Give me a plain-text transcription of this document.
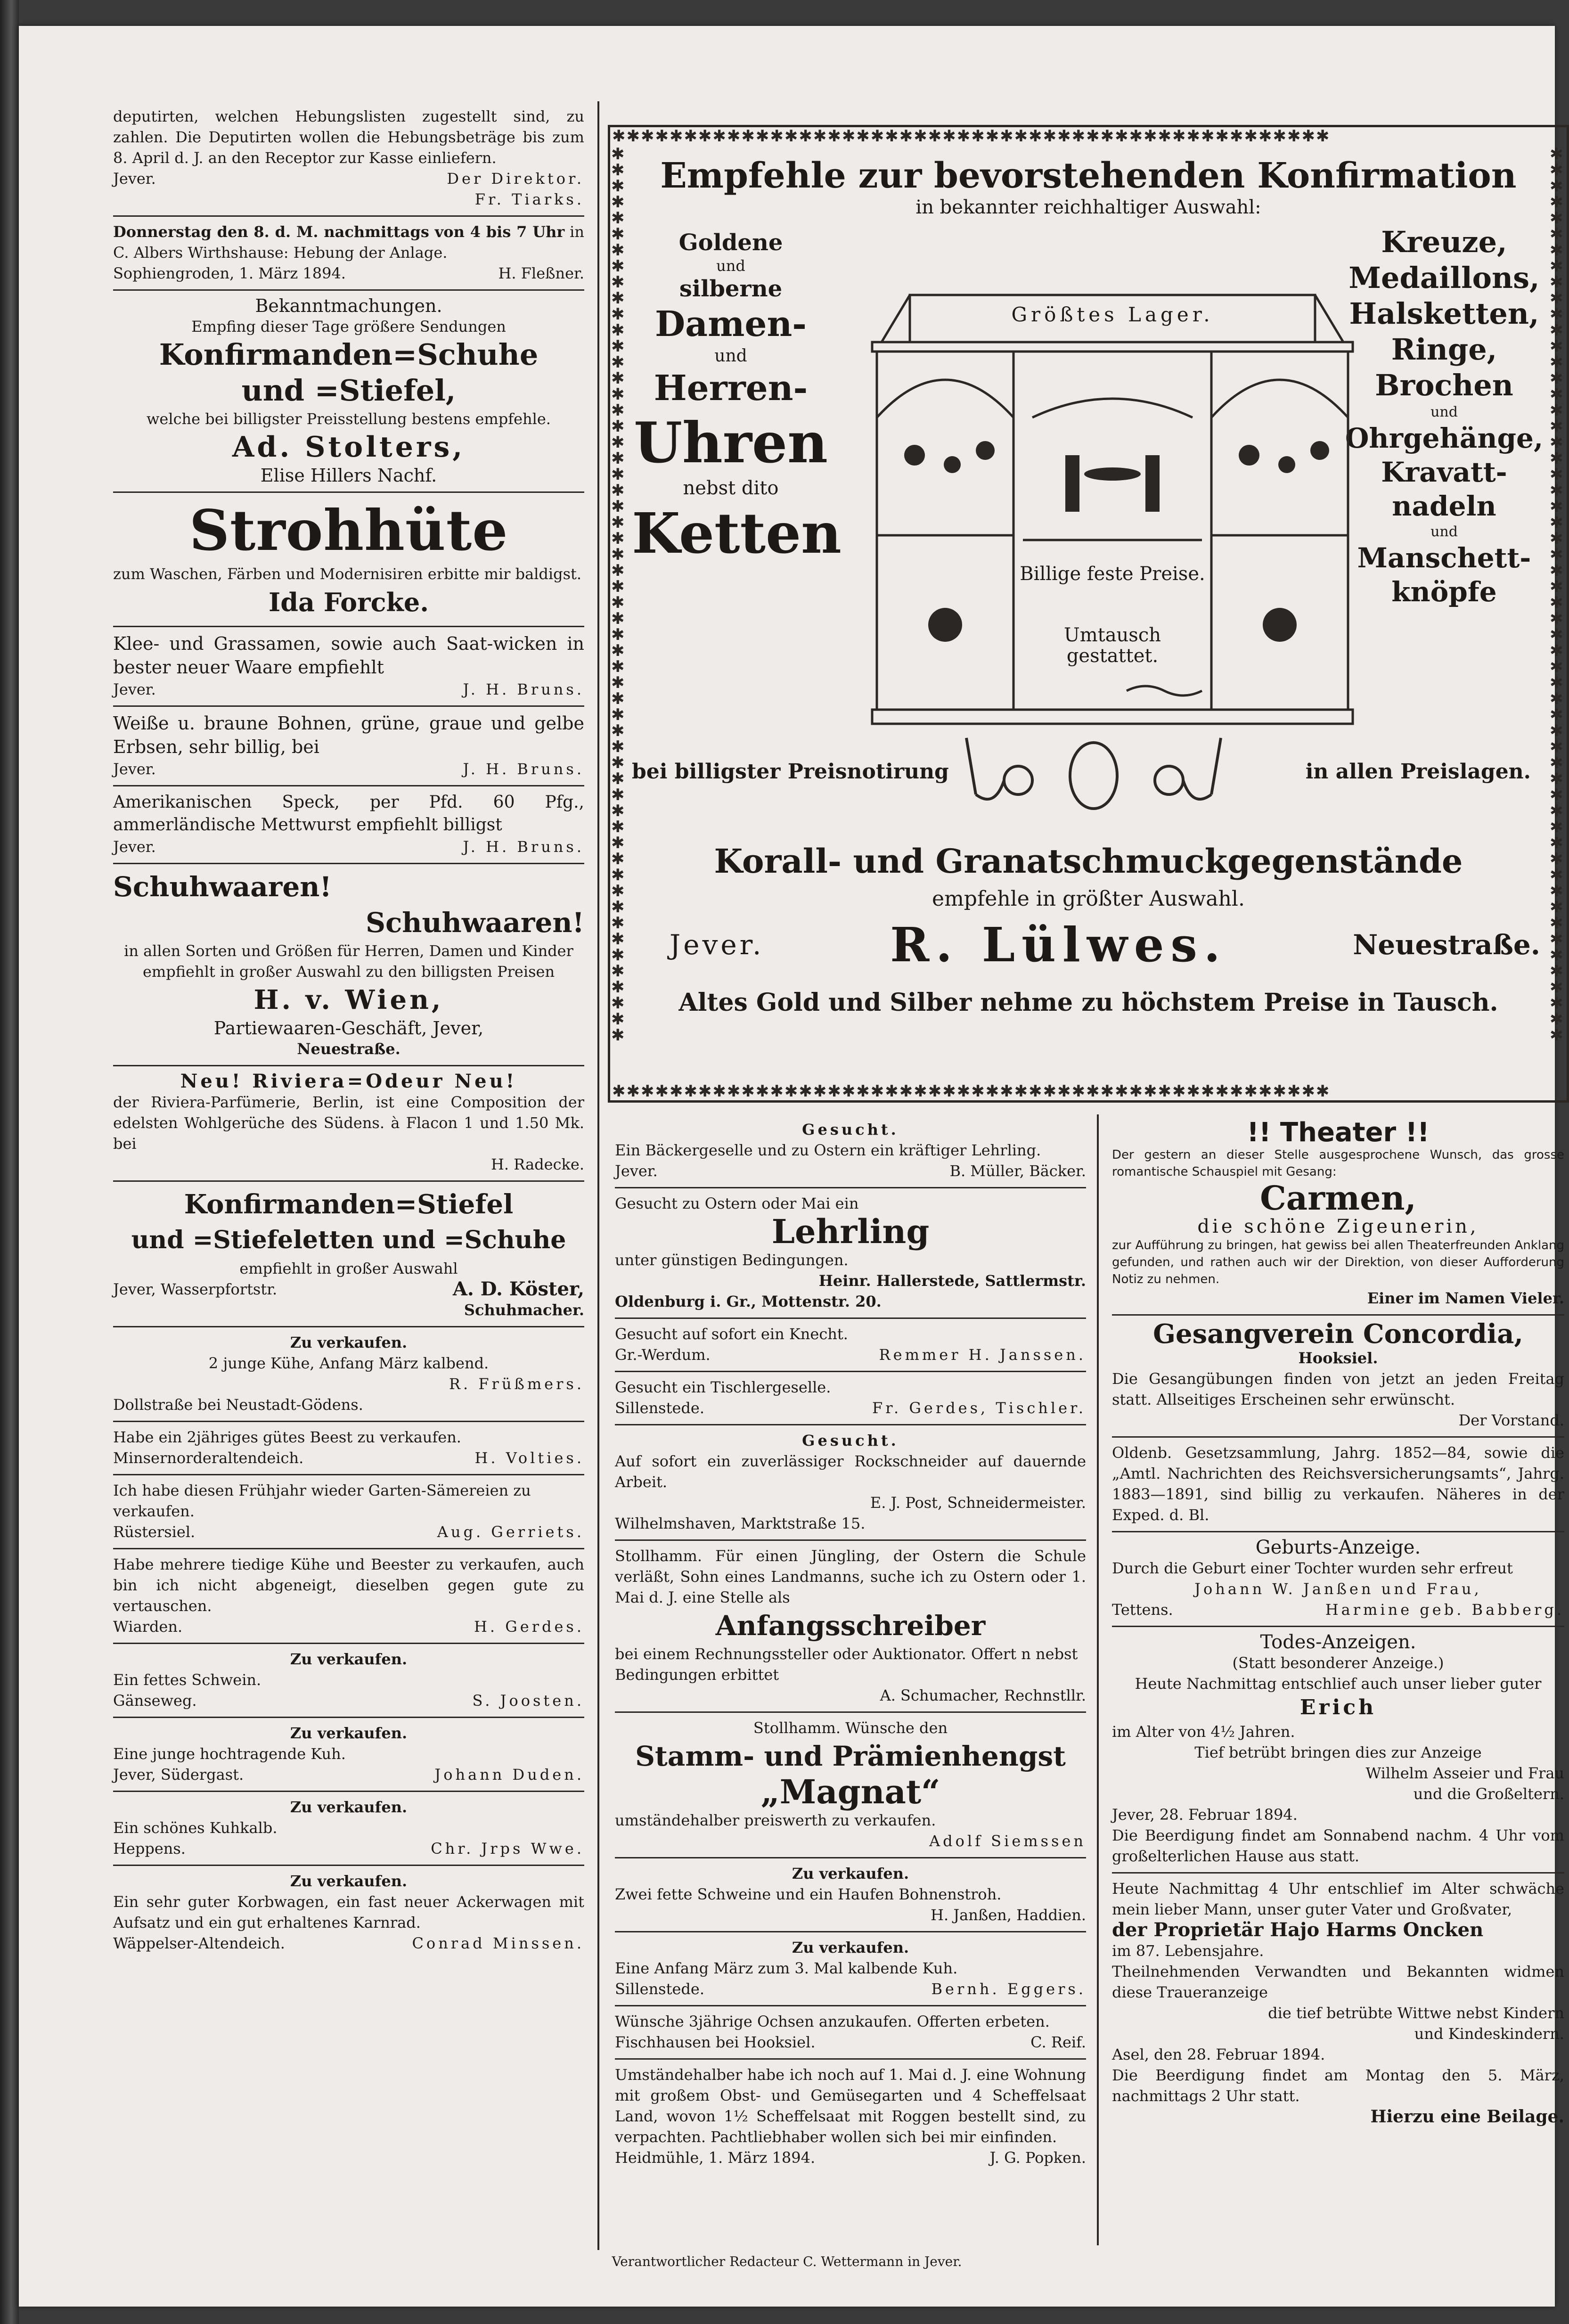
deputirten, welchen Hebungslisten zugestellt sind, zu zahlen. Die Deputirten wollen die Hebungsbeträge bis zum 8. April d. J. an den Receptor zur Kasse einliefern.
Jever.	Der Direktor.
Fr. Tiarks.
Donnerstag den 8. d. M. nachmittags von 4 bis 7 Uhr in C. Albers Wirthshause: Hebung der Anlage.
Sophiengroden, 1. März 1894.	H. Fleßner.
Bekanntmachungen.
Empfing dieser Tage größere Sendungen
Konfirmanden=Schuhe
und =Stiefel,
welche bei billigster Preisstellung bestens empfehle.
Ad. Stolters,
Elise Hillers Nachf.
Strohhüte
zum Waschen, Färben und Modernisiren erbitte mir baldigst.
Ida Forcke.
Klee- und Grassamen, sowie auch Saat-wicken in bester neuer Waare empfiehlt
Jever.	J. H. Bruns.
Weiße u. braune Bohnen, grüne, graue und gelbe Erbsen, sehr billig, bei
Jever.	J. H. Bruns.
Amerikanischen Speck, per Pfd. 60 Pfg., ammerländische Mettwurst empfiehlt billigst
Jever.	J. H. Bruns.
Schuhwaaren!
Schuhwaaren!
in allen Sorten und Größen für Herren, Damen und Kinder empfiehlt in großer Auswahl zu den billigsten Preisen
H. v. Wien,
Partiewaaren-Geschäft, Jever,
Neuestraße.
Neu! Riviera=Odeur Neu!
der Riviera-Parfümerie, Berlin, ist eine Composition der edelsten Wohlgerüche des Südens. à Flacon 1 und 1.50 Mk. bei
H. Radecke.
Konfirmanden=Stiefel
und =Stiefeletten und =Schuhe
empfiehlt in großer Auswahl
Jever, Wasserpfortstr.	A. D. Köster,
Schuhmacher.
Zu verkaufen.
2 junge Kühe, Anfang März kalbend.
R. Früßmers.
Dollstraße bei Neustadt-Gödens.
Habe ein 2jähriges gütes Beest zu verkaufen.
Minsernorderaltendeich.	H. Volties.
Ich habe diesen Frühjahr wieder Garten-Sämereien zu verkaufen.
Rüstersiel.	Aug. Gerriets.
Habe mehrere tiedige Kühe und Beester zu verkaufen, auch bin ich nicht abgeneigt, dieselben gegen gute zu vertauschen.
Wiarden.	H. Gerdes.
Zu verkaufen.
Ein fettes Schwein.
Gänseweg.	S. Joosten.
Zu verkaufen.
Eine junge hochtragende Kuh.
Jever, Südergast.	Johann Duden.
Zu verkaufen.
Ein schönes Kuhkalb.
Heppens.	Chr. Jrps Wwe.
Zu verkaufen.
Ein sehr guter Korbwagen, ein fast neuer Ackerwagen mit Aufsatz und ein gut erhaltenes Karnrad.
Wäppelser-Altendeich.	Conrad Minssen.
✱✱✱✱✱✱✱✱✱✱✱✱✱✱✱✱✱✱✱✱✱✱✱✱✱✱✱✱✱✱✱✱✱✱✱✱✱✱✱✱✱✱✱✱✱✱✱✱✱✱
✱✱✱✱✱✱✱✱✱✱✱✱✱✱✱✱✱✱✱✱✱✱✱✱✱✱✱✱✱✱✱✱✱✱✱✱✱✱✱✱✱✱✱✱✱✱✱✱✱✱
✱✱✱✱✱✱✱✱✱✱✱✱✱✱✱✱✱✱✱✱✱✱✱✱✱✱✱✱✱✱✱✱✱✱✱✱✱✱✱✱✱✱✱✱✱✱✱✱✱✱✱✱✱✱✱✱
✱✱✱✱✱✱✱✱✱✱✱✱✱✱✱✱✱✱✱✱✱✱✱✱✱✱✱✱✱✱✱✱✱✱✱✱✱✱✱✱✱✱✱✱✱✱✱✱✱✱✱✱✱✱✱✱
Empfehle zur bevorstehenden Konfirmation
in bekannter reichhaltiger Auswahl:
Goldene
und
silberne
Damen-
und
Herren-
Uhren
nebst dito
Ketten
Kreuze,
Medaillons,
Halsketten,
Ringe,
Brochen
und
Ohrgehänge,
Kravatt-
nadeln
und
Manschett-
knöpfe
Größtes Lager.
Billige feste Preise.
Umtausch gestattet.
bei billigster Preisnotirung	in allen Preislagen.
Korall- und Granatschmuckgegenstände
empfehle in größter Auswahl.
Jever.	R. Lülwes.	Neuestraße.
Altes Gold und Silber nehme zu höchstem Preise in Tausch.
Gesucht.
Ein Bäckergeselle und zu Ostern ein kräftiger Lehrling.
Jever.	B. Müller, Bäcker.
Gesucht zu Ostern oder Mai ein
Lehrling
unter günstigen Bedingungen.
Heinr. Hallerstede, Sattlermstr.
Oldenburg i. Gr., Mottenstr. 20.
Gesucht auf sofort ein Knecht.
Gr.-Werdum.	Remmer H. Janssen.
Gesucht ein Tischlergeselle.
Sillenstede.	Fr. Gerdes, Tischler.
Gesucht.
Auf sofort ein zuverlässiger Rockschneider auf dauernde Arbeit.
E. J. Post, Schneidermeister.
Wilhelmshaven, Marktstraße 15.
Stollhamm. Für einen Jüngling, der Ostern die Schule verläßt, Sohn eines Landmanns, suche ich zu Ostern oder 1. Mai d. J. eine Stelle als
Anfangsschreiber
bei einem Rechnungssteller oder Auktionator. Offert n nebst Bedingungen erbittet
A. Schumacher, Rechnstllr.
Stollhamm. Wünsche den
Stamm- und Prämienhengst
„Magnat“
umständehalber preiswerth zu verkaufen.
Adolf Siemssen
Zu verkaufen.
Zwei fette Schweine und ein Haufen Bohnenstroh.
H. Janßen, Haddien.
Zu verkaufen.
Eine Anfang März zum 3. Mal kalbende Kuh.
Sillenstede.	Bernh. Eggers.
Wünsche 3jährige Ochsen anzukaufen. Offerten erbeten.
Fischhausen bei Hooksiel.	C. Reif.
Umständehalber habe ich noch auf 1. Mai d. J. eine Wohnung mit großem Obst- und Gemüsegarten und 4 Scheffelsaat Land, wovon 1½ Scheffelsaat mit Roggen bestellt sind, zu verpachten. Pachtliebhaber wollen sich bei mir einfinden.
Heidmühle, 1. März 1894.	J. G. Popken.
!! Theater !!
Der gestern an dieser Stelle ausgesprochene Wunsch, das grosse romantische Schauspiel mit Gesang:
Carmen,
die schöne Zigeunerin,
zur Aufführung zu bringen, hat gewiss bei allen Theaterfreunden Anklang gefunden, und rathen auch wir der Direktion, von dieser Aufforderung Notiz zu nehmen.
Einer im Namen Vieler.
Gesangverein Concordia,
Hooksiel.
Die Gesangübungen finden von jetzt an jeden Freitag statt. Allseitiges Erscheinen sehr erwünscht.
Der Vorstand.
Oldenb. Gesetzsammlung, Jahrg. 1852—84, sowie die „Amtl. Nachrichten des Reichsversicherungsamts“, Jahrg. 1883—1891, sind billig zu verkaufen. Näheres in der Exped. d. Bl.
Geburts-Anzeige.
Durch die Geburt einer Tochter wurden sehr erfreut
Johann W. Janßen und Frau,
Tettens.	Harmine geb. Babberg.
Todes-Anzeigen.
(Statt besonderer Anzeige.)
Heute Nachmittag entschlief auch unser lieber guter
Erich
im Alter von 4½ Jahren.
Tief betrübt bringen dies zur Anzeige
Wilhelm Asseier und Frau
und die Großeltern.
Jever, 28. Februar 1894.
Die Beerdigung findet am Sonnabend nachm. 4 Uhr vom großelterlichen Hause aus statt.
Heute Nachmittag 4 Uhr entschlief im Alter schwäche mein lieber Mann, unser guter Vater und Großvater,
der Proprietär Hajo Harms Oncken
im 87. Lebensjahre.
Theilnehmenden Verwandten und Bekannten widmen diese Traueranzeige
die tief betrübte Wittwe nebst Kindern
und Kindeskindern.
Asel, den 28. Februar 1894.
Die Beerdigung findet am Montag den 5. März, nachmittags 2 Uhr statt.
Hierzu eine Beilage.
Verantwortlicher Redacteur C. Wettermann in Jever.
